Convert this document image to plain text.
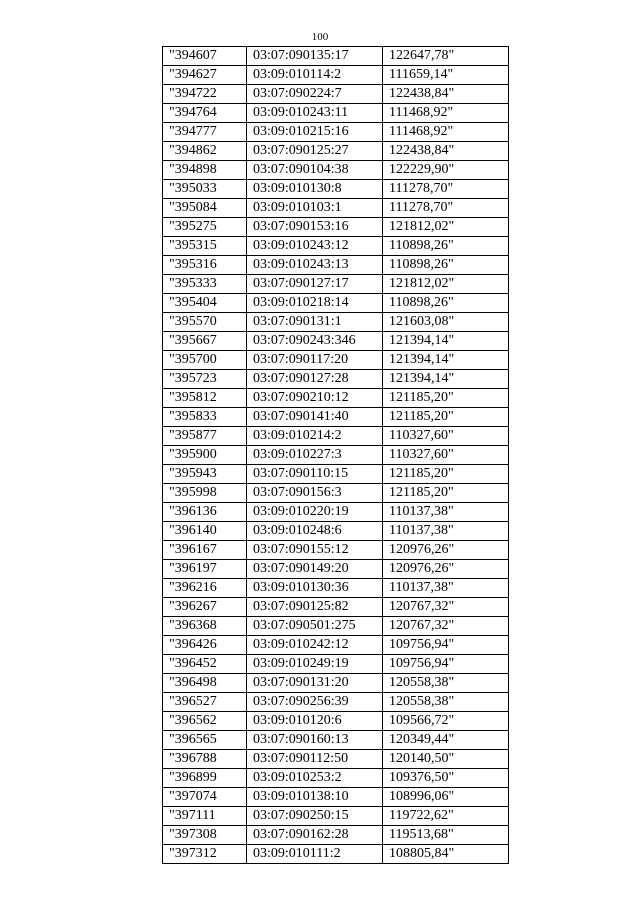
100
"394607	03:07:090135:17	122647,78"
"394627	03:09:010114:2	111659,14"
"394722	03:07:090224:7	122438,84"
"394764	03:09:010243:11	111468,92"
"394777	03:09:010215:16	111468,92"
"394862	03:07:090125:27	122438,84"
"394898	03:07:090104:38	122229,90"
"395033	03:09:010130:8	111278,70"
"395084	03:09:010103:1	111278,70"
"395275	03:07:090153:16	121812,02"
"395315	03:09:010243:12	110898,26"
"395316	03:09:010243:13	110898,26"
"395333	03:07:090127:17	121812,02"
"395404	03:09:010218:14	110898,26"
"395570	03:07:090131:1	121603,08"
"395667	03:07:090243:346	121394,14"
"395700	03:07:090117:20	121394,14"
"395723	03:07:090127:28	121394,14"
"395812	03:07:090210:12	121185,20"
"395833	03:07:090141:40	121185,20"
"395877	03:09:010214:2	110327,60"
"395900	03:09:010227:3	110327,60"
"395943	03:07:090110:15	121185,20"
"395998	03:07:090156:3	121185,20"
"396136	03:09:010220:19	110137,38"
"396140	03:09:010248:6	110137,38"
"396167	03:07:090155:12	120976,26"
"396197	03:07:090149:20	120976,26"
"396216	03:09:010130:36	110137,38"
"396267	03:07:090125:82	120767,32"
"396368	03:07:090501:275	120767,32"
"396426	03:09:010242:12	109756,94"
"396452	03:09:010249:19	109756,94"
"396498	03:07:090131:20	120558,38"
"396527	03:07:090256:39	120558,38"
"396562	03:09:010120:6	109566,72"
"396565	03:07:090160:13	120349,44"
"396788	03:07:090112:50	120140,50"
"396899	03:09:010253:2	109376,50"
"397074	03:09:010138:10	108996,06"
"397111	03:07:090250:15	119722,62"
"397308	03:07:090162:28	119513,68"
"397312	03:09:010111:2	108805,84"
